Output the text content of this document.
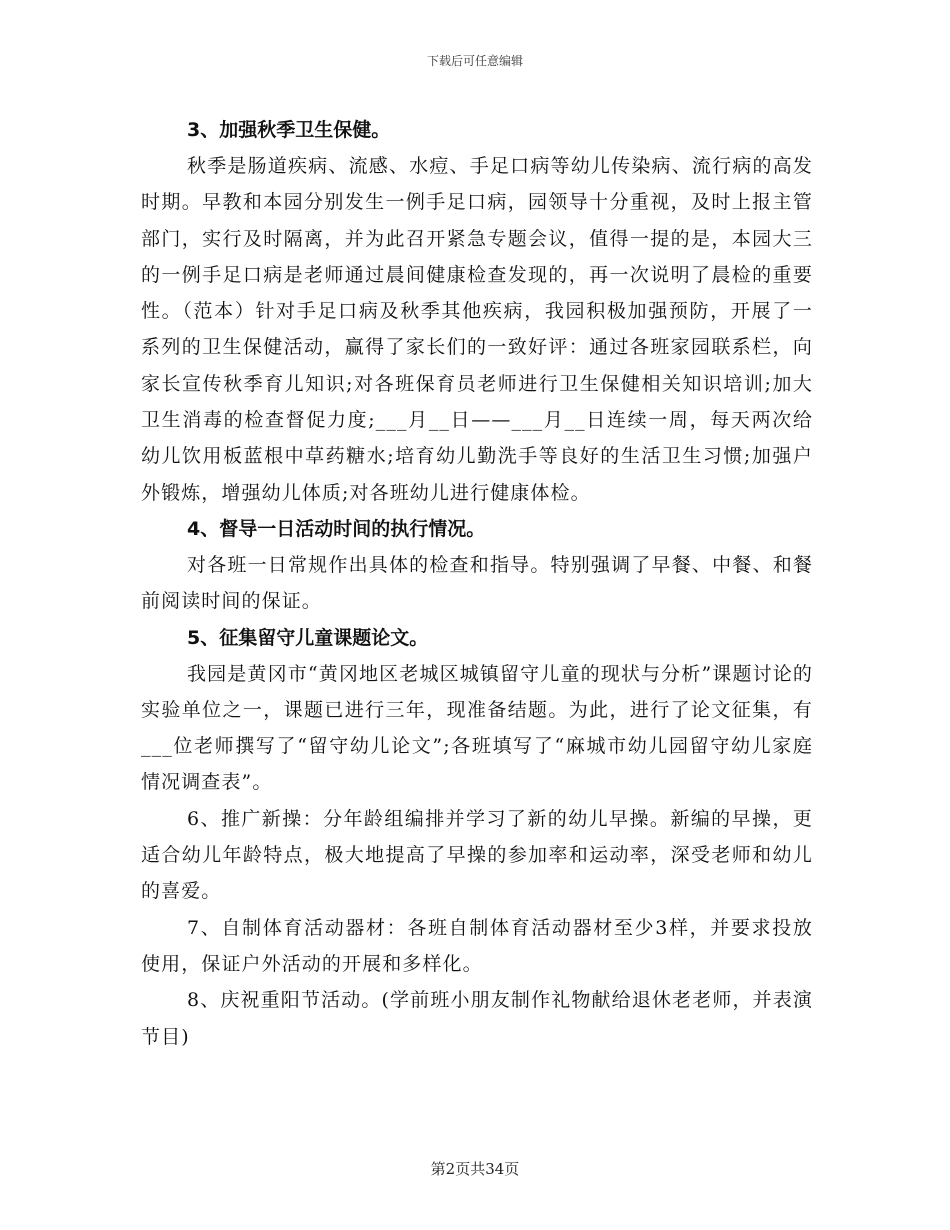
下载后可任意编辑

3、加强秋季卫生保健。

秋季是肠道疾病、流感、水痘、手足口病等幼儿传染病、流行病的高发时期。早教和本园分别发生一例手足口病，园领导十分重视，及时上报主管部门，实行及时隔离，并为此召开紧急专题会议，值得一提的是，本园大三的一例手足口病是老师通过晨间健康检查发现的，再一次说明了晨检的重要性。（范本）针对手足口病及秋季其他疾病，我园积极加强预防，开展了一系列的卫生保健活动，赢得了家长们的一致好评：通过各班家园联系栏，向家长宣传秋季育儿知识;对各班保育员老师进行卫生保健相关知识培训;加大卫生消毒的检查督促力度;___月__日——___月__日连续一周，每天两次给幼儿饮用板蓝根中草药糖水;培育幼儿勤洗手等良好的生活卫生习惯;加强户外锻炼，增强幼儿体质;对各班幼儿进行健康体检。

4、督导一日活动时间的执行情况。

对各班一日常规作出具体的检查和指导。特别强调了早餐、中餐、和餐前阅读时间的保证。

5、征集留守儿童课题论文。

我园是黄冈市“黄冈地区老城区城镇留守儿童的现状与分析”课题讨论的实验单位之一，课题已进行三年，现准备结题。为此，进行了论文征集，有___位老师撰写了“留守幼儿论文”;各班填写了“麻城市幼儿园留守幼儿家庭情况调查表”。

6、推广新操：分年龄组编排并学习了新的幼儿早操。新编的早操，更适合幼儿年龄特点，极大地提高了早操的参加率和运动率，深受老师和幼儿的喜爱。

7、自制体育活动器材：各班自制体育活动器材至少3样，并要求投放使用，保证户外活动的开展和多样化。

8、庆祝重阳节活动。(学前班小朋友制作礼物献给退休老老师，并表演节目)

第2页共34页
